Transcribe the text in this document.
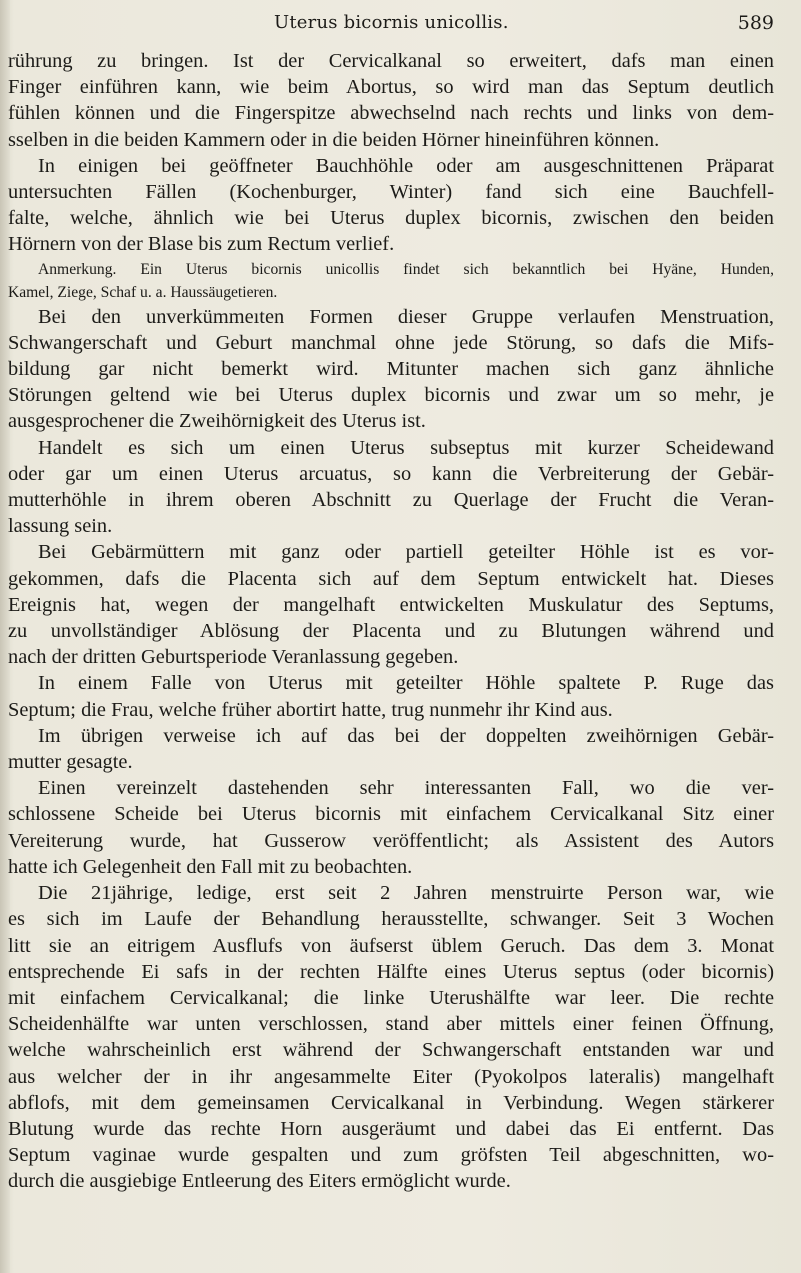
Uterus bicornis unicollis.	589
rührung zu bringen. Ist der Cervicalkanal so erweitert, dafs man einen
Finger einführen kann, wie beim Abortus, so wird man das Septum deutlich
fühlen können und die Fingerspitze abwechselnd nach rechts und links von dem-
sselben in die beiden Kammern oder in die beiden Hörner hineinführen können.
In einigen bei geöffneter Bauchhöhle oder am ausgeschnittenen Präparat
untersuchten Fällen (Kochenburger, Winter) fand sich eine Bauchfell-
falte, welche, ähnlich wie bei Uterus duplex bicornis, zwischen den beiden
Hörnern von der Blase bis zum Rectum verlief.
Anmerkung. Ein Uterus bicornis unicollis findet sich bekanntlich bei Hyäne, Hunden,
Kamel, Ziege, Schaf u. a. Haussäugetieren.
Bei den unverkümmeıten Formen dieser Gruppe verlaufen Menstruation,
Schwangerschaft und Geburt manchmal ohne jede Störung, so dafs die Mifs-
bildung gar nicht bemerkt wird. Mitunter machen sich ganz ähnliche
Störungen geltend wie bei Uterus duplex bicornis und zwar um so mehr, je
ausgesprochener die Zweihörnigkeit des Uterus ist.
Handelt es sich um einen Uterus subseptus mit kurzer Scheidewand
oder gar um einen Uterus arcuatus, so kann die Verbreiterung der Gebär-
mutterhöhle in ihrem oberen Abschnitt zu Querlage der Frucht die Veran-
lassung sein.
Bei Gebärmüttern mit ganz oder partiell geteilter Höhle ist es vor-
gekommen, dafs die Placenta sich auf dem Septum entwickelt hat. Dieses
Ereignis hat, wegen der mangelhaft entwickelten Muskulatur des Septums,
zu unvollständiger Ablösung der Placenta und zu Blutungen während und
nach der dritten Geburtsperiode Veranlassung gegeben.
In einem Falle von Uterus mit geteilter Höhle spaltete P. Ruge das
Septum; die Frau, welche früher abortirt hatte, trug nunmehr ihr Kind aus.
Im übrigen verweise ich auf das bei der doppelten zweihörnigen Gebär-
mutter gesagte.
Einen vereinzelt dastehenden sehr interessanten Fall, wo die ver-
schlossene Scheide bei Uterus bicornis mit einfachem Cervicalkanal Sitz einer
Vereiterung wurde, hat Gusserow veröffentlicht; als Assistent des Autors
hatte ich Gelegenheit den Fall mit zu beobachten.
Die 21jährige, ledige, erst seit 2 Jahren menstruirte Person war, wie
es sich im Laufe der Behandlung herausstellte, schwanger. Seit 3 Wochen
litt sie an eitrigem Ausflufs von äufserst üblem Geruch. Das dem 3. Monat
entsprechende Ei safs in der rechten Hälfte eines Uterus septus (oder bicornis)
mit einfachem Cervicalkanal; die linke Uterushälfte war leer. Die rechte
Scheidenhälfte war unten verschlossen, stand aber mittels einer feinen Öffnung,
welche wahrscheinlich erst während der Schwangerschaft entstanden war und
aus welcher der in ihr angesammelte Eiter (Pyokolpos lateralis) mangelhaft
abflofs, mit dem gemeinsamen Cervicalkanal in Verbindung. Wegen stärkerer
Blutung wurde das rechte Horn ausgeräumt und dabei das Ei entfernt. Das
Septum vaginae wurde gespalten und zum gröfsten Teil abgeschnitten, wo-
durch die ausgiebige Entleerung des Eiters ermöglicht wurde.
